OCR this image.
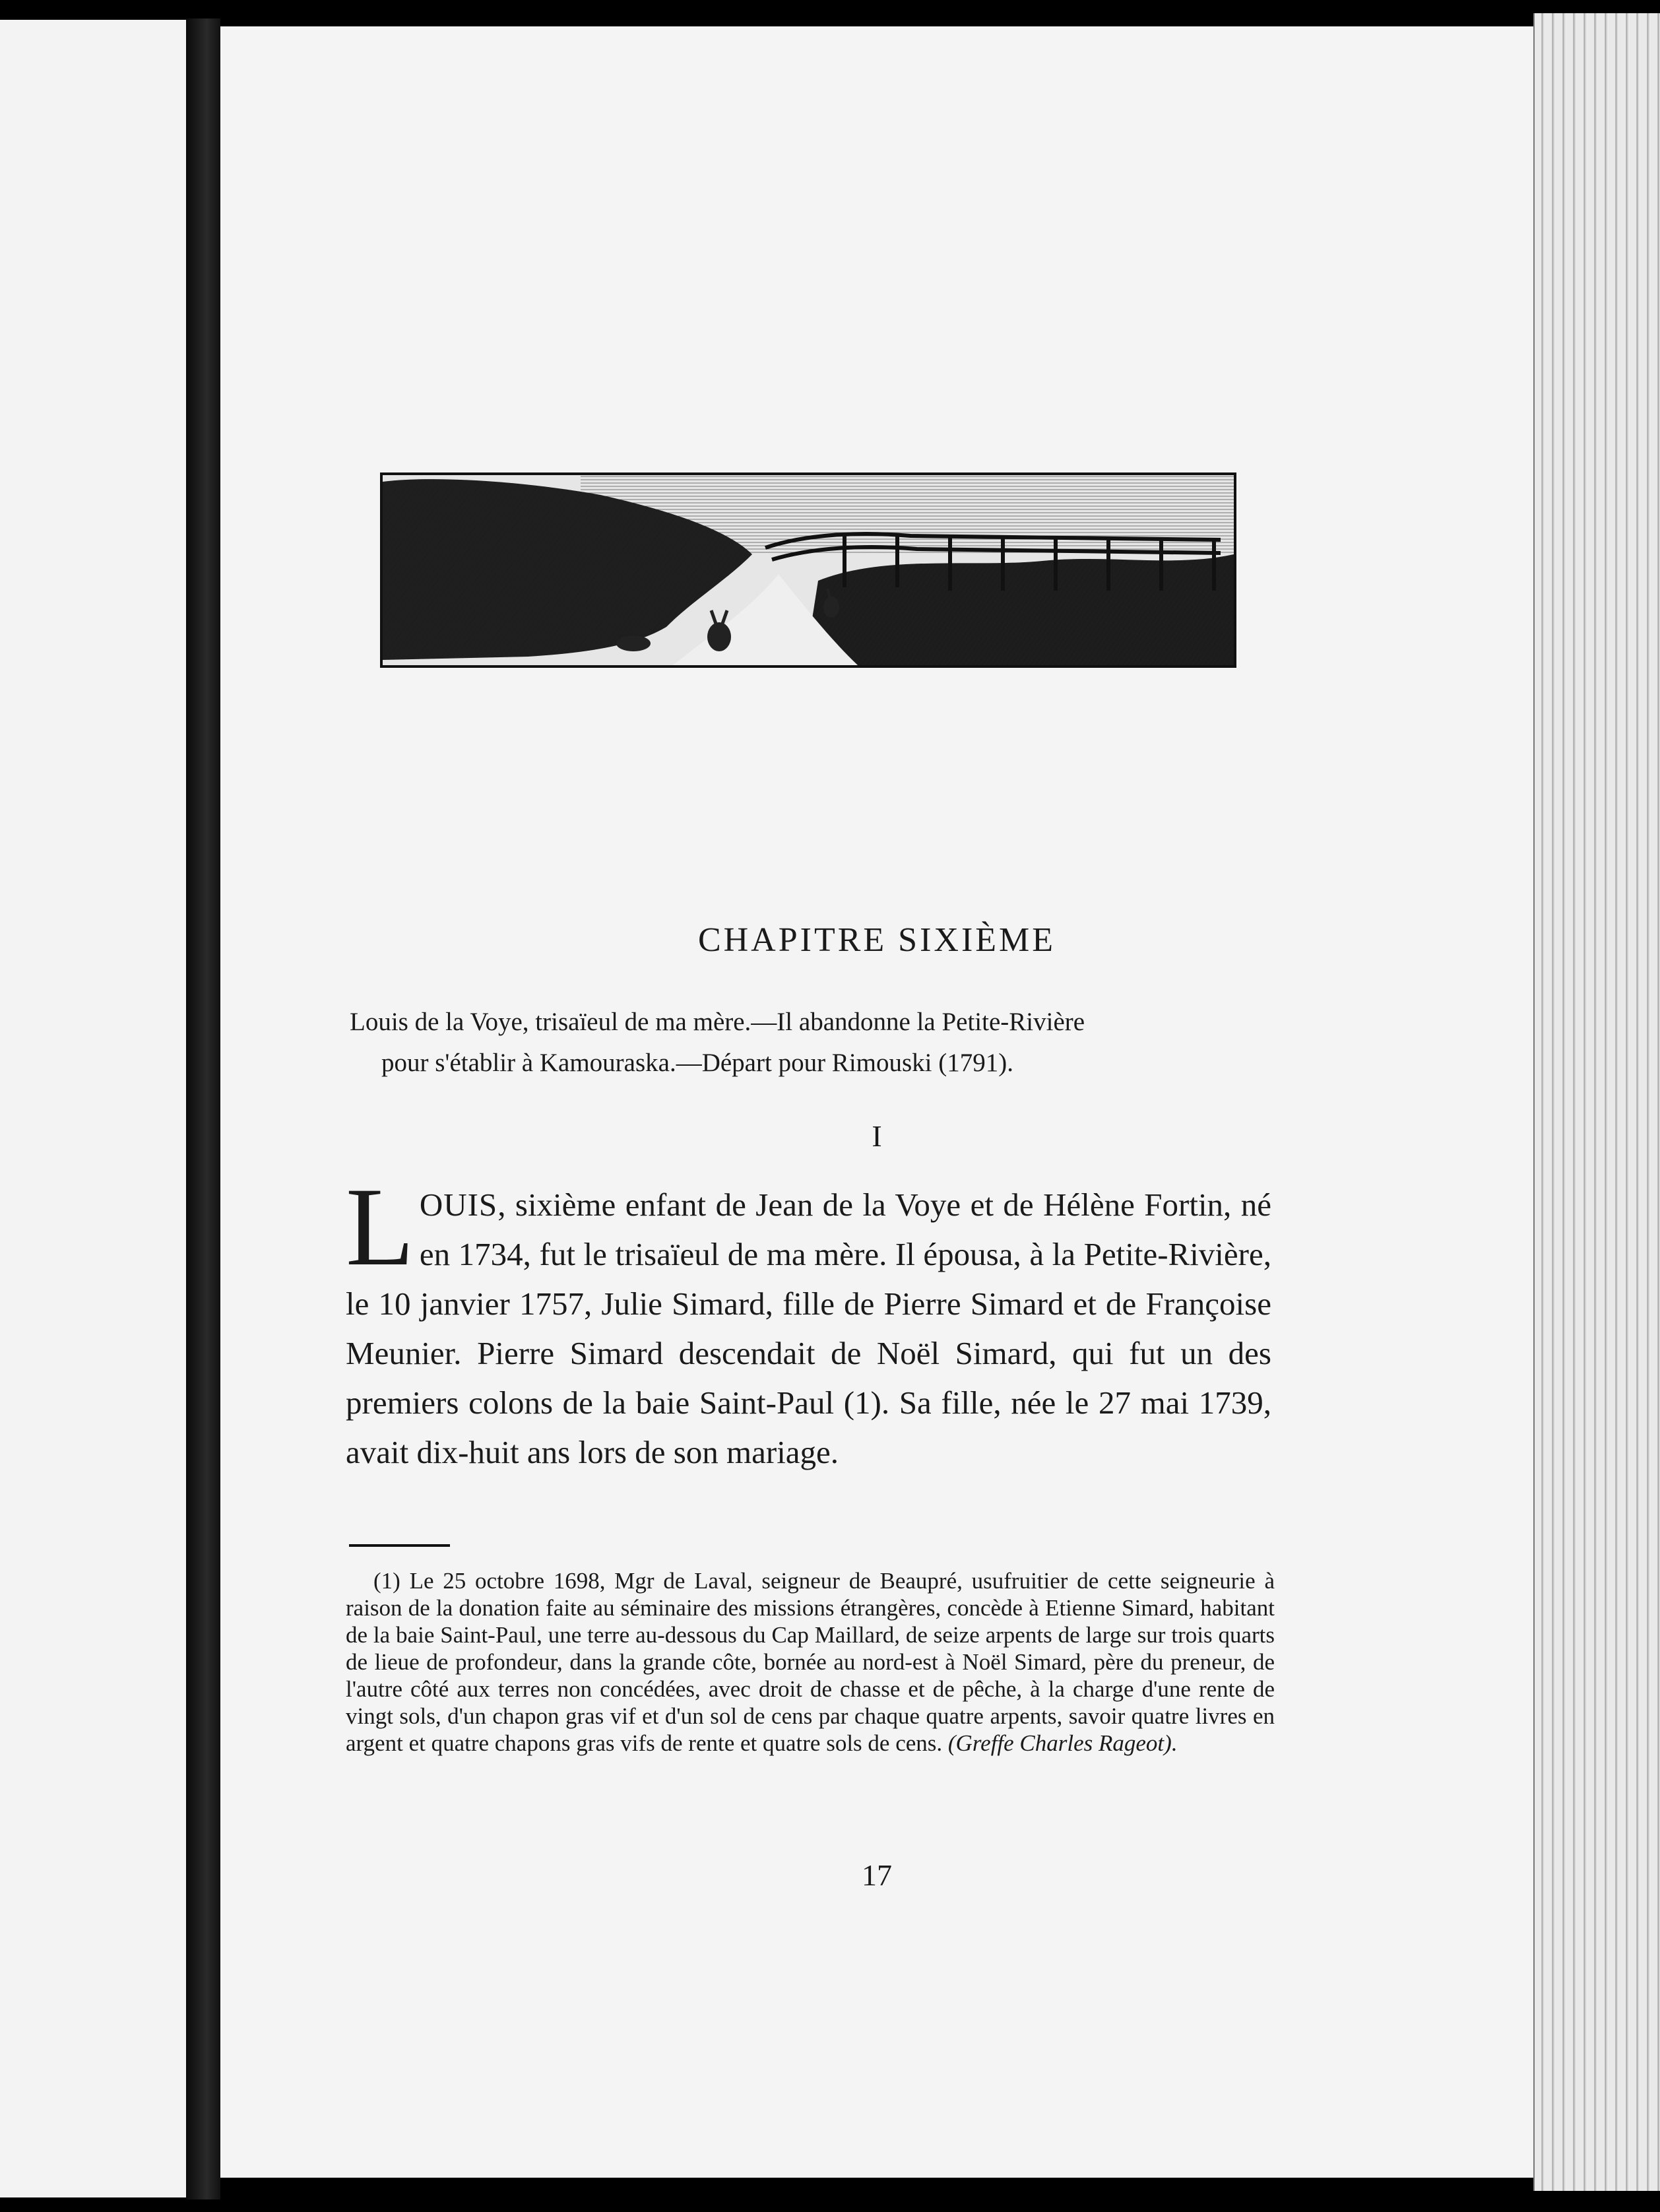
CHAPITRE SIXIÈME

Louis de la Voye, trisaïeul de ma mère.—Il abandonne la Petite-Rivière

pour s'établir à Kamouraska.—Départ pour Rimouski (1791).

I

LOUIS, sixième enfant de Jean de la Voye et de Hélène Fortin, né en 1734, fut le trisaïeul de ma mère. Il épousa, à la Petite-Rivière, le 10 janvier 1757, Julie Simard, fille de Pierre Simard et de Françoise Meunier. Pierre Simard descendait de Noël Simard, qui fut un des premiers colons de la baie Saint-Paul (1). Sa fille, née le 27 mai 1739, avait dix-huit ans lors de son mariage.

(1) Le 25 octobre 1698, Mgr de Laval, seigneur de Beaupré, usufruitier de cette seigneurie à raison de la donation faite au séminaire des missions étrangères, concède à Etienne Simard, habitant de la baie Saint-Paul, une terre au-dessous du Cap Maillard, de seize arpents de large sur trois quarts de lieue de profondeur, dans la grande côte, bornée au nord-est à Noël Simard, père du preneur, de l'autre côté aux terres non concédées, avec droit de chasse et de pêche, à la charge d'une rente de vingt sols, d'un chapon gras vif et d'un sol de cens par chaque quatre arpents, savoir quatre livres en argent et quatre chapons gras vifs de rente et quatre sols de cens. (Greffe Charles Rageot).

17
